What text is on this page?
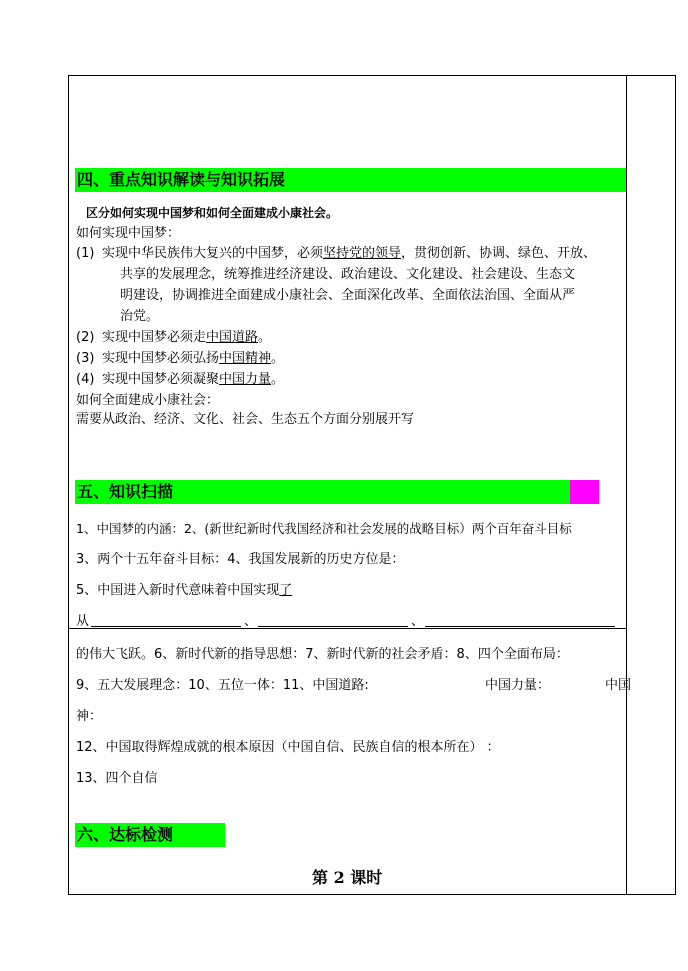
四、重点知识解读与知识拓展
区分如何实现中国梦和如何全面建成小康社会。
如何实现中国梦：
(1) 实现中华民族伟大复兴的中国梦，必须坚持党的领导，贯彻创新、协调、绿色、开放、
共享的发展理念，统筹推进经济建设、政治建设、文化建设、社会建设、生态文
明建设，协调推进全面建成小康社会、全面深化改革、全面依法治国、全面从严
治党。
(2) 实现中国梦必须走中国道路。
(3) 实现中国梦必须弘扬中国精神。
(4) 实现中国梦必须凝聚中国力量。
如何全面建成小康社会：
需要从政治、经济、文化、社会、生态五个方面分别展开写
五、知识扫描
1、中国梦的内涵：2、(新世纪新时代我国经济和社会发展的战略目标）两个百年奋斗目标
3、两个十五年奋斗目标：4、我国发展新的历史方位是：
5、中国进入新时代意味着中国实现了
从	、	、
的伟大飞跃。6、新时代新的指导思想：7、新时代新的社会矛盾：8、四个全面布局：
9、五大发展理念：10、五位一体：11、中国道路:	中国力量：	中国
神：
12、中国取得辉煌成就的根本原因（中国自信、民族自信的根本所在） ：
13、四个自信
六、达标检测
第 2 课时
